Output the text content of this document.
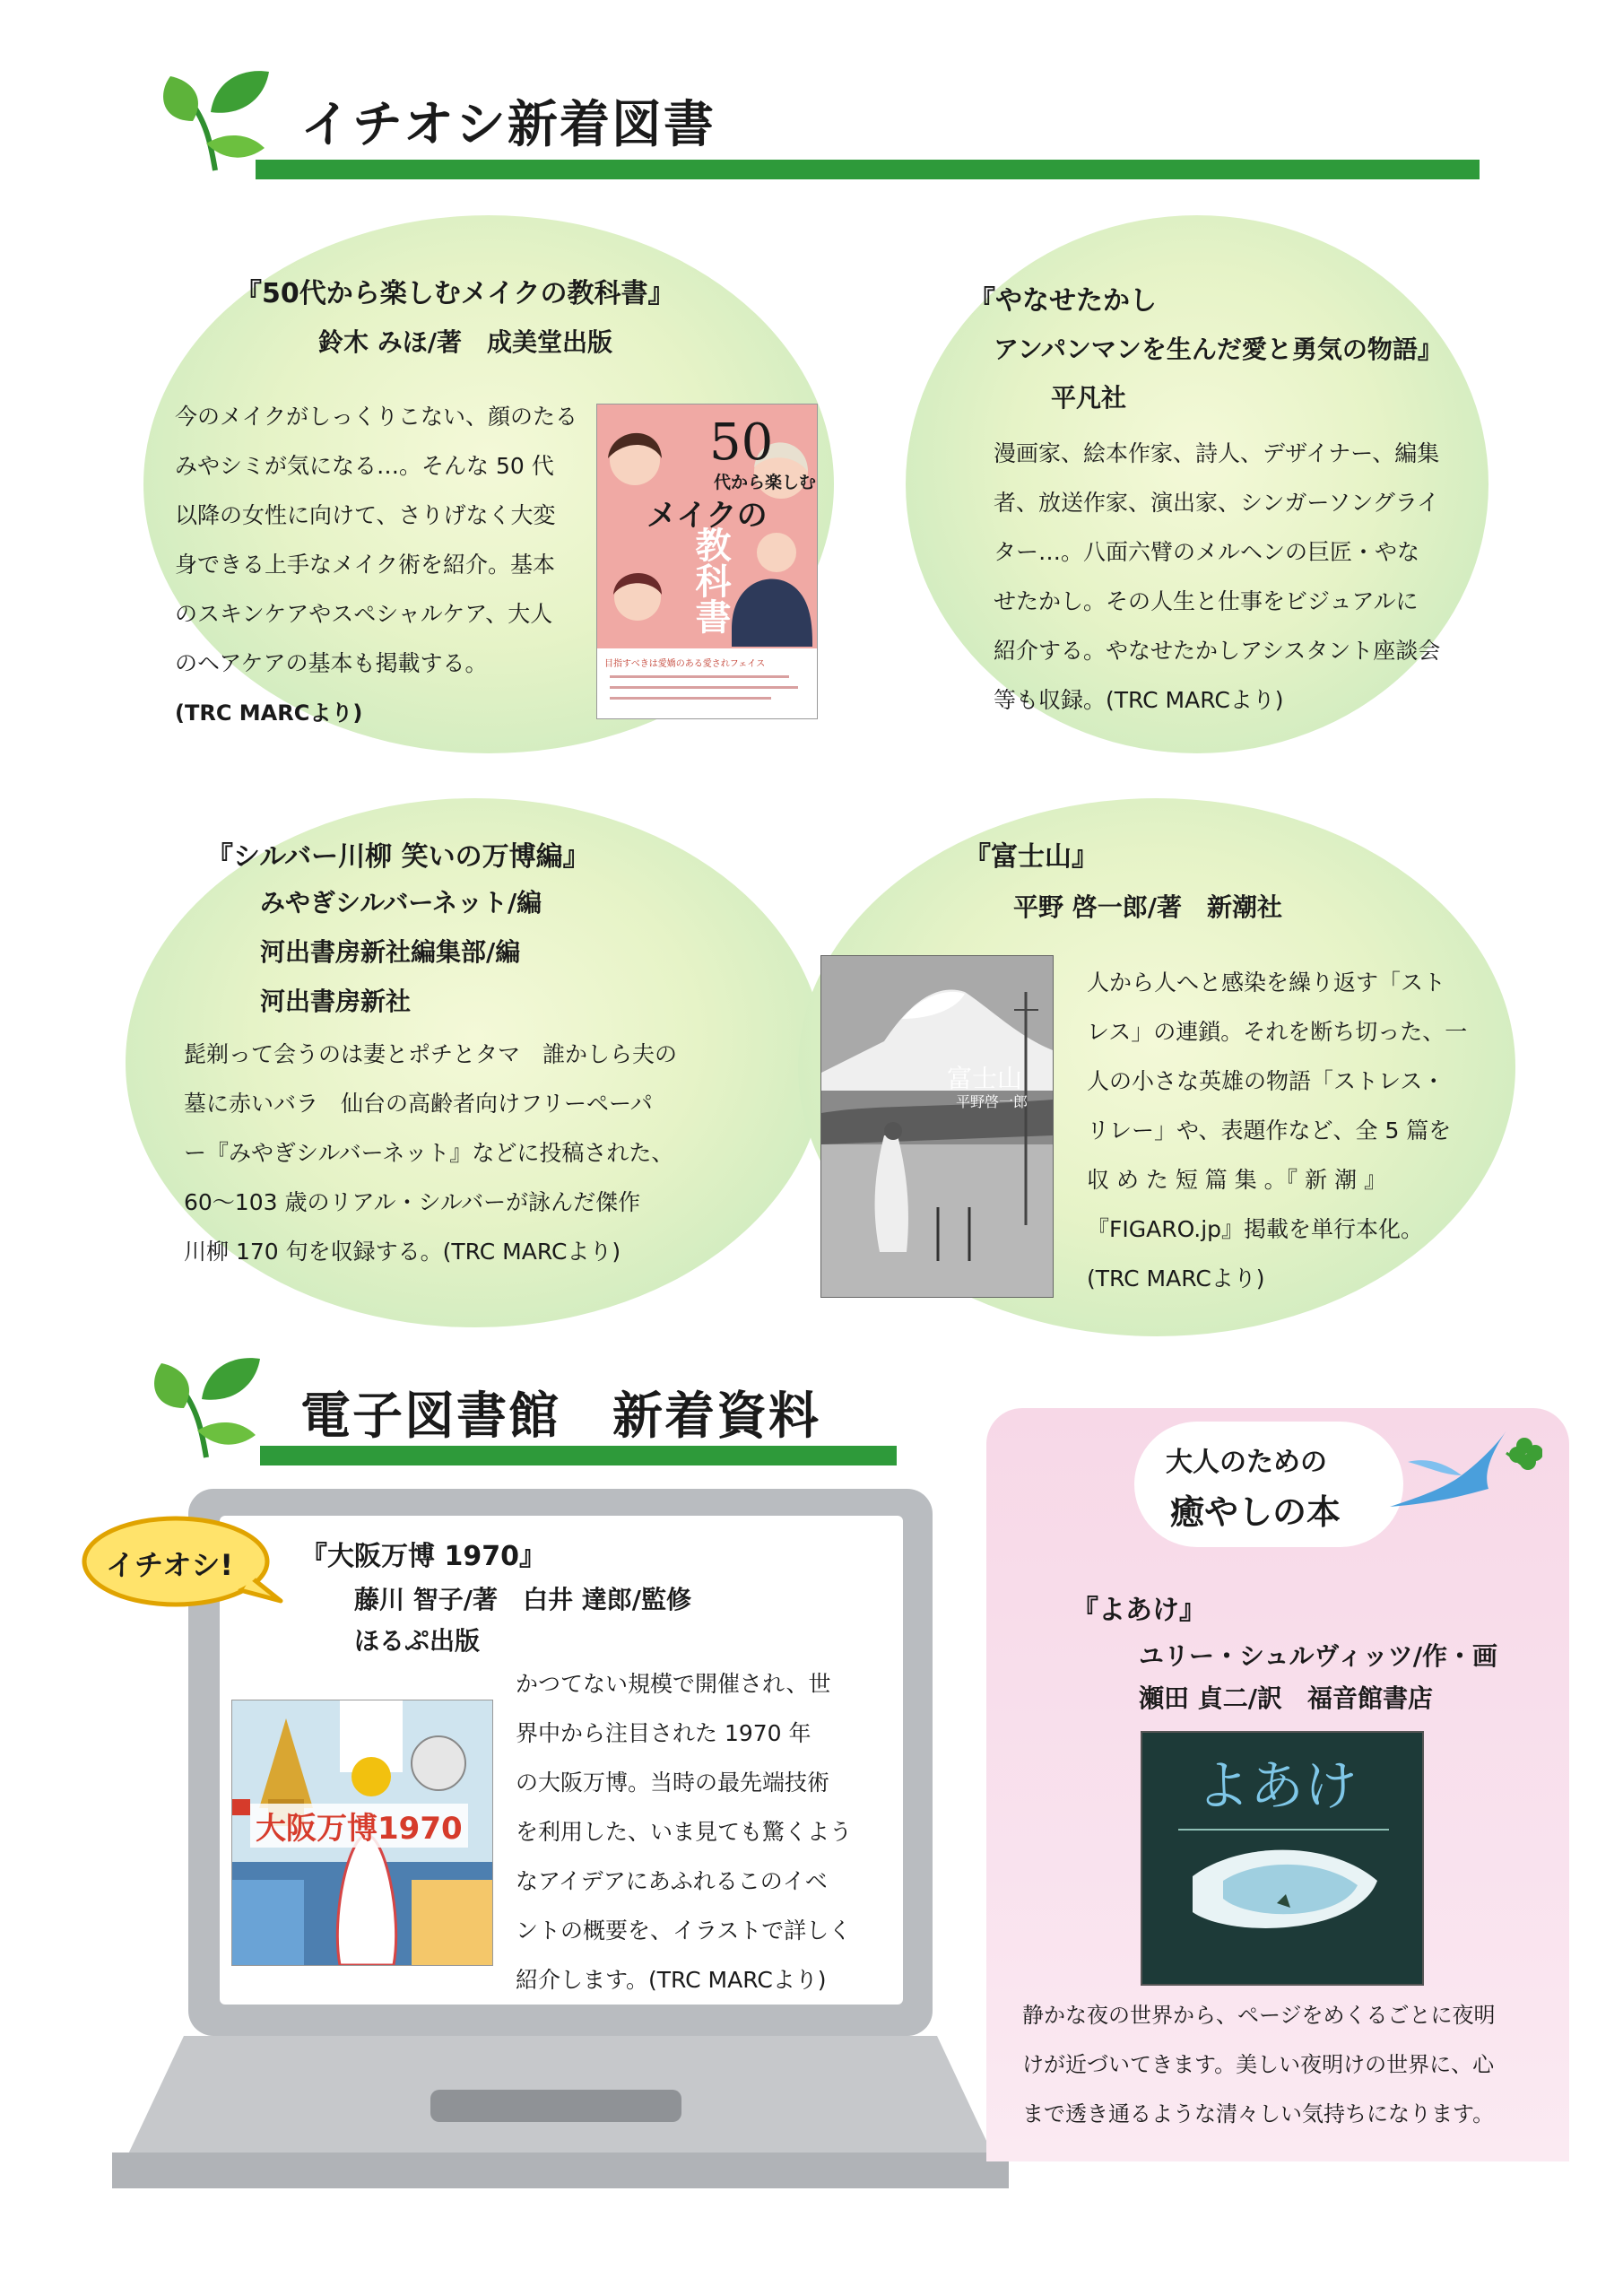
イチオシ新着図書
『50代から楽しむメイクの教科書』
鈴木 みほ/著　成美堂出版
今のメイクがしっくりこない、顔のたる
みやシミが気になる…。そんな 50 代
以降の女性に向けて、さりげなく大変
身できる上手なメイク術を紹介。基本
のスキンケアやスペシャルケア、大人
のヘアケアの基本も掲載する。
(TRC MARCより)
50
代から楽しむ
メイクの
教科書
目指すべきは愛嬌のある愛されフェイス
『やなせたかし
アンパンマンを生んだ愛と勇気の物語』
平凡社
漫画家、絵本作家、詩人、デザイナー、編集
者、放送作家、演出家、シンガーソングライ
ター…。八面六臂のメルヘンの巨匠・やな
せたかし。その人生と仕事をビジュアルに
紹介する。やなせたかしアシスタント座談会
等も収録。(TRC MARCより)
『シルバー川柳 笑いの万博編』
みやぎシルバーネット/編
河出書房新社編集部/編
河出書房新社
髭剃って会うのは妻とポチとタマ　誰かしら夫の
墓に赤いバラ　仙台の高齢者向けフリーペーパ
ー『みやぎシルバーネット』などに投稿された、
60～103 歳のリアル・シルバーが詠んだ傑作
川柳 170 句を収録する。(TRC MARCより)
『富士山』
平野 啓一郎/著　新潮社
人から人へと感染を繰り返す「スト
レス」の連鎖。それを断ち切った、一
人の小さな英雄の物語「ストレス・
リレー」や、表題作など、全 5 篇を
収 め た 短 篇 集 。『 新 潮 』
『FIGARO.jp』掲載を単行本化。
(TRC MARCより)
富士山
平野啓一郎
電子図書館　新着資料
イチオシ!	『大阪万博 1970』
藤川 智子/著　白井 達郎/監修
ほるぷ出版
かつてない規模で開催され、世
界中から注目された 1970 年
の大阪万博。当時の最先端技術
を利用した、いま見ても驚くよう
なアイデアにあふれるこのイベ
ントの概要を、イラストで詳しく
紹介します。(TRC MARCより)
大阪万博1970
大人のための
癒やしの本
『よあけ』
ユリー・シュルヴィッツ/作・画
瀬田 貞二/訳　福音館書店
よあけ
静かな夜の世界から、ページをめくるごとに夜明
けが近づいてきます。美しい夜明けの世界に、心
まで透き通るような清々しい気持ちになります。
